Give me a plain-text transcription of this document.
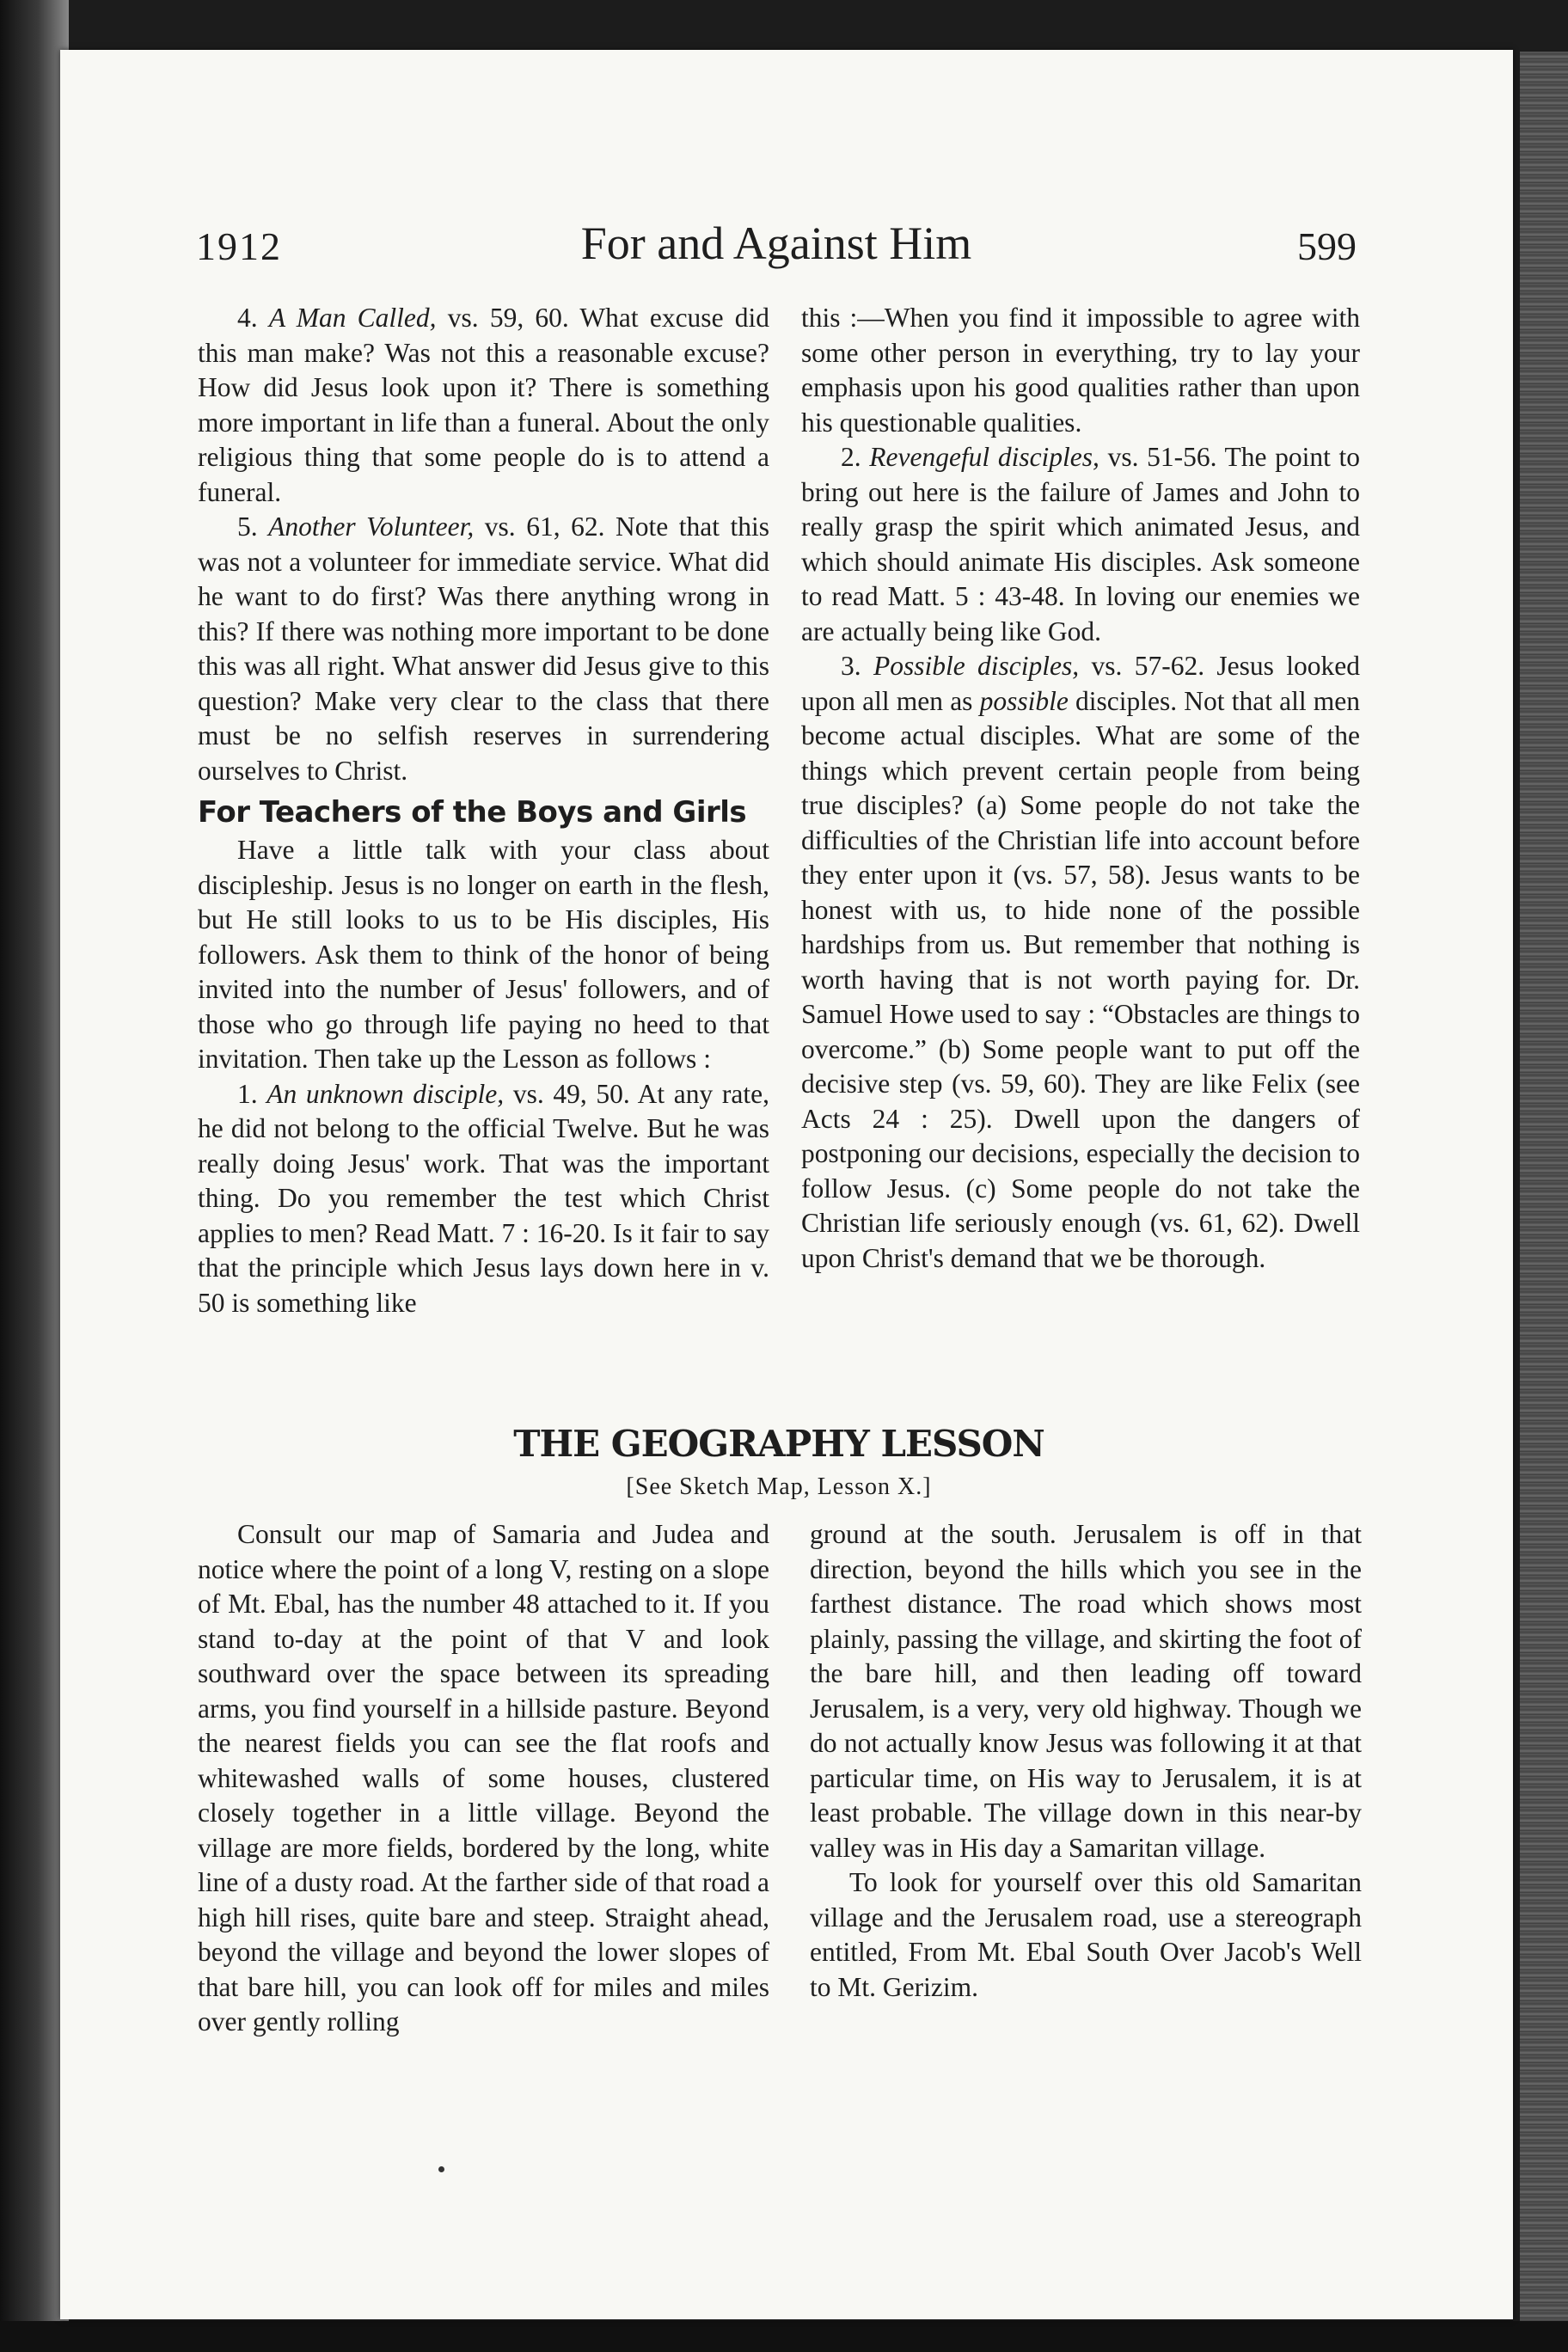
1912	For and Against Him	599

4. A Man Called, vs. 59, 60. What excuse did this man make? Was not this a reasonable excuse? How did Jesus look upon it? There is something more important in life than a funeral. About the only religious thing that some people do is to attend a funeral.

5. Another Volunteer, vs. 61, 62. Note that this was not a volunteer for immediate service. What did he want to do first? Was there anything wrong in this? If there was nothing more important to be done this was all right. What answer did Jesus give to this question? Make very clear to the class that there must be no selfish reserves in surrendering ourselves to Christ.

For Teachers of the Boys and Girls

Have a little talk with your class about discipleship. Jesus is no longer on earth in the flesh, but He still looks to us to be His disciples, His followers. Ask them to think of the honor of being invited into the number of Jesus' followers, and of those who go through life paying no heed to that invitation. Then take up the Lesson as follows :

1. An unknown disciple, vs. 49, 50. At any rate, he did not belong to the official Twelve. But he was really doing Jesus' work. That was the important thing. Do you remember the test which Christ applies to men? Read Matt. 7 : 16-20. Is it fair to say that the principle which Jesus lays down here in v. 50 is something like

this :—When you find it impossible to agree with some other person in everything, try to lay your emphasis upon his good qualities rather than upon his questionable qualities.

2. Revengeful disciples, vs. 51-56. The point to bring out here is the failure of James and John to really grasp the spirit which animated Jesus, and which should animate His disciples. Ask someone to read Matt. 5 : 43-48. In loving our enemies we are actually being like God.

3. Possible disciples, vs. 57-62. Jesus looked upon all men as possible disciples. Not that all men become actual disciples. What are some of the things which prevent certain people from being true disciples? (a) Some people do not take the difficulties of the Christian life into account before they enter upon it (vs. 57, 58). Jesus wants to be honest with us, to hide none of the possible hardships from us. But remember that nothing is worth having that is not worth paying for. Dr. Samuel Howe used to say : “Obstacles are things to overcome.” (b) Some people want to put off the decisive step (vs. 59, 60). They are like Felix (see Acts 24 : 25). Dwell upon the dangers of postponing our decisions, especially the decision to follow Jesus. (c) Some people do not take the Christian life seriously enough (vs. 61, 62). Dwell upon Christ's demand that we be thorough.

THE GEOGRAPHY LESSON
[See Sketch Map, Lesson X.]

Consult our map of Samaria and Judea and notice where the point of a long V, resting on a slope of Mt. Ebal, has the number 48 attached to it. If you stand to-day at the point of that V and look southward over the space between its spreading arms, you find yourself in a hillside pasture. Beyond the nearest fields you can see the flat roofs and whitewashed walls of some houses, clustered closely together in a little village. Beyond the village are more fields, bordered by the long, white line of a dusty road. At the farther side of that road a high hill rises, quite bare and steep. Straight ahead, beyond the village and beyond the lower slopes of that bare hill, you can look off for miles and miles over gently rolling

ground at the south. Jerusalem is off in that direction, beyond the hills which you see in the farthest distance. The road which shows most plainly, passing the village, and skirting the foot of the bare hill, and then leading off toward Jerusalem, is a very, very old highway. Though we do not actually know Jesus was following it at that particular time, on His way to Jerusalem, it is at least probable. The village down in this near-by valley was in His day a Samaritan village.

To look for yourself over this old Samaritan village and the Jerusalem road, use a stereograph entitled, From Mt. Ebal South Over Jacob's Well to Mt. Gerizim.
